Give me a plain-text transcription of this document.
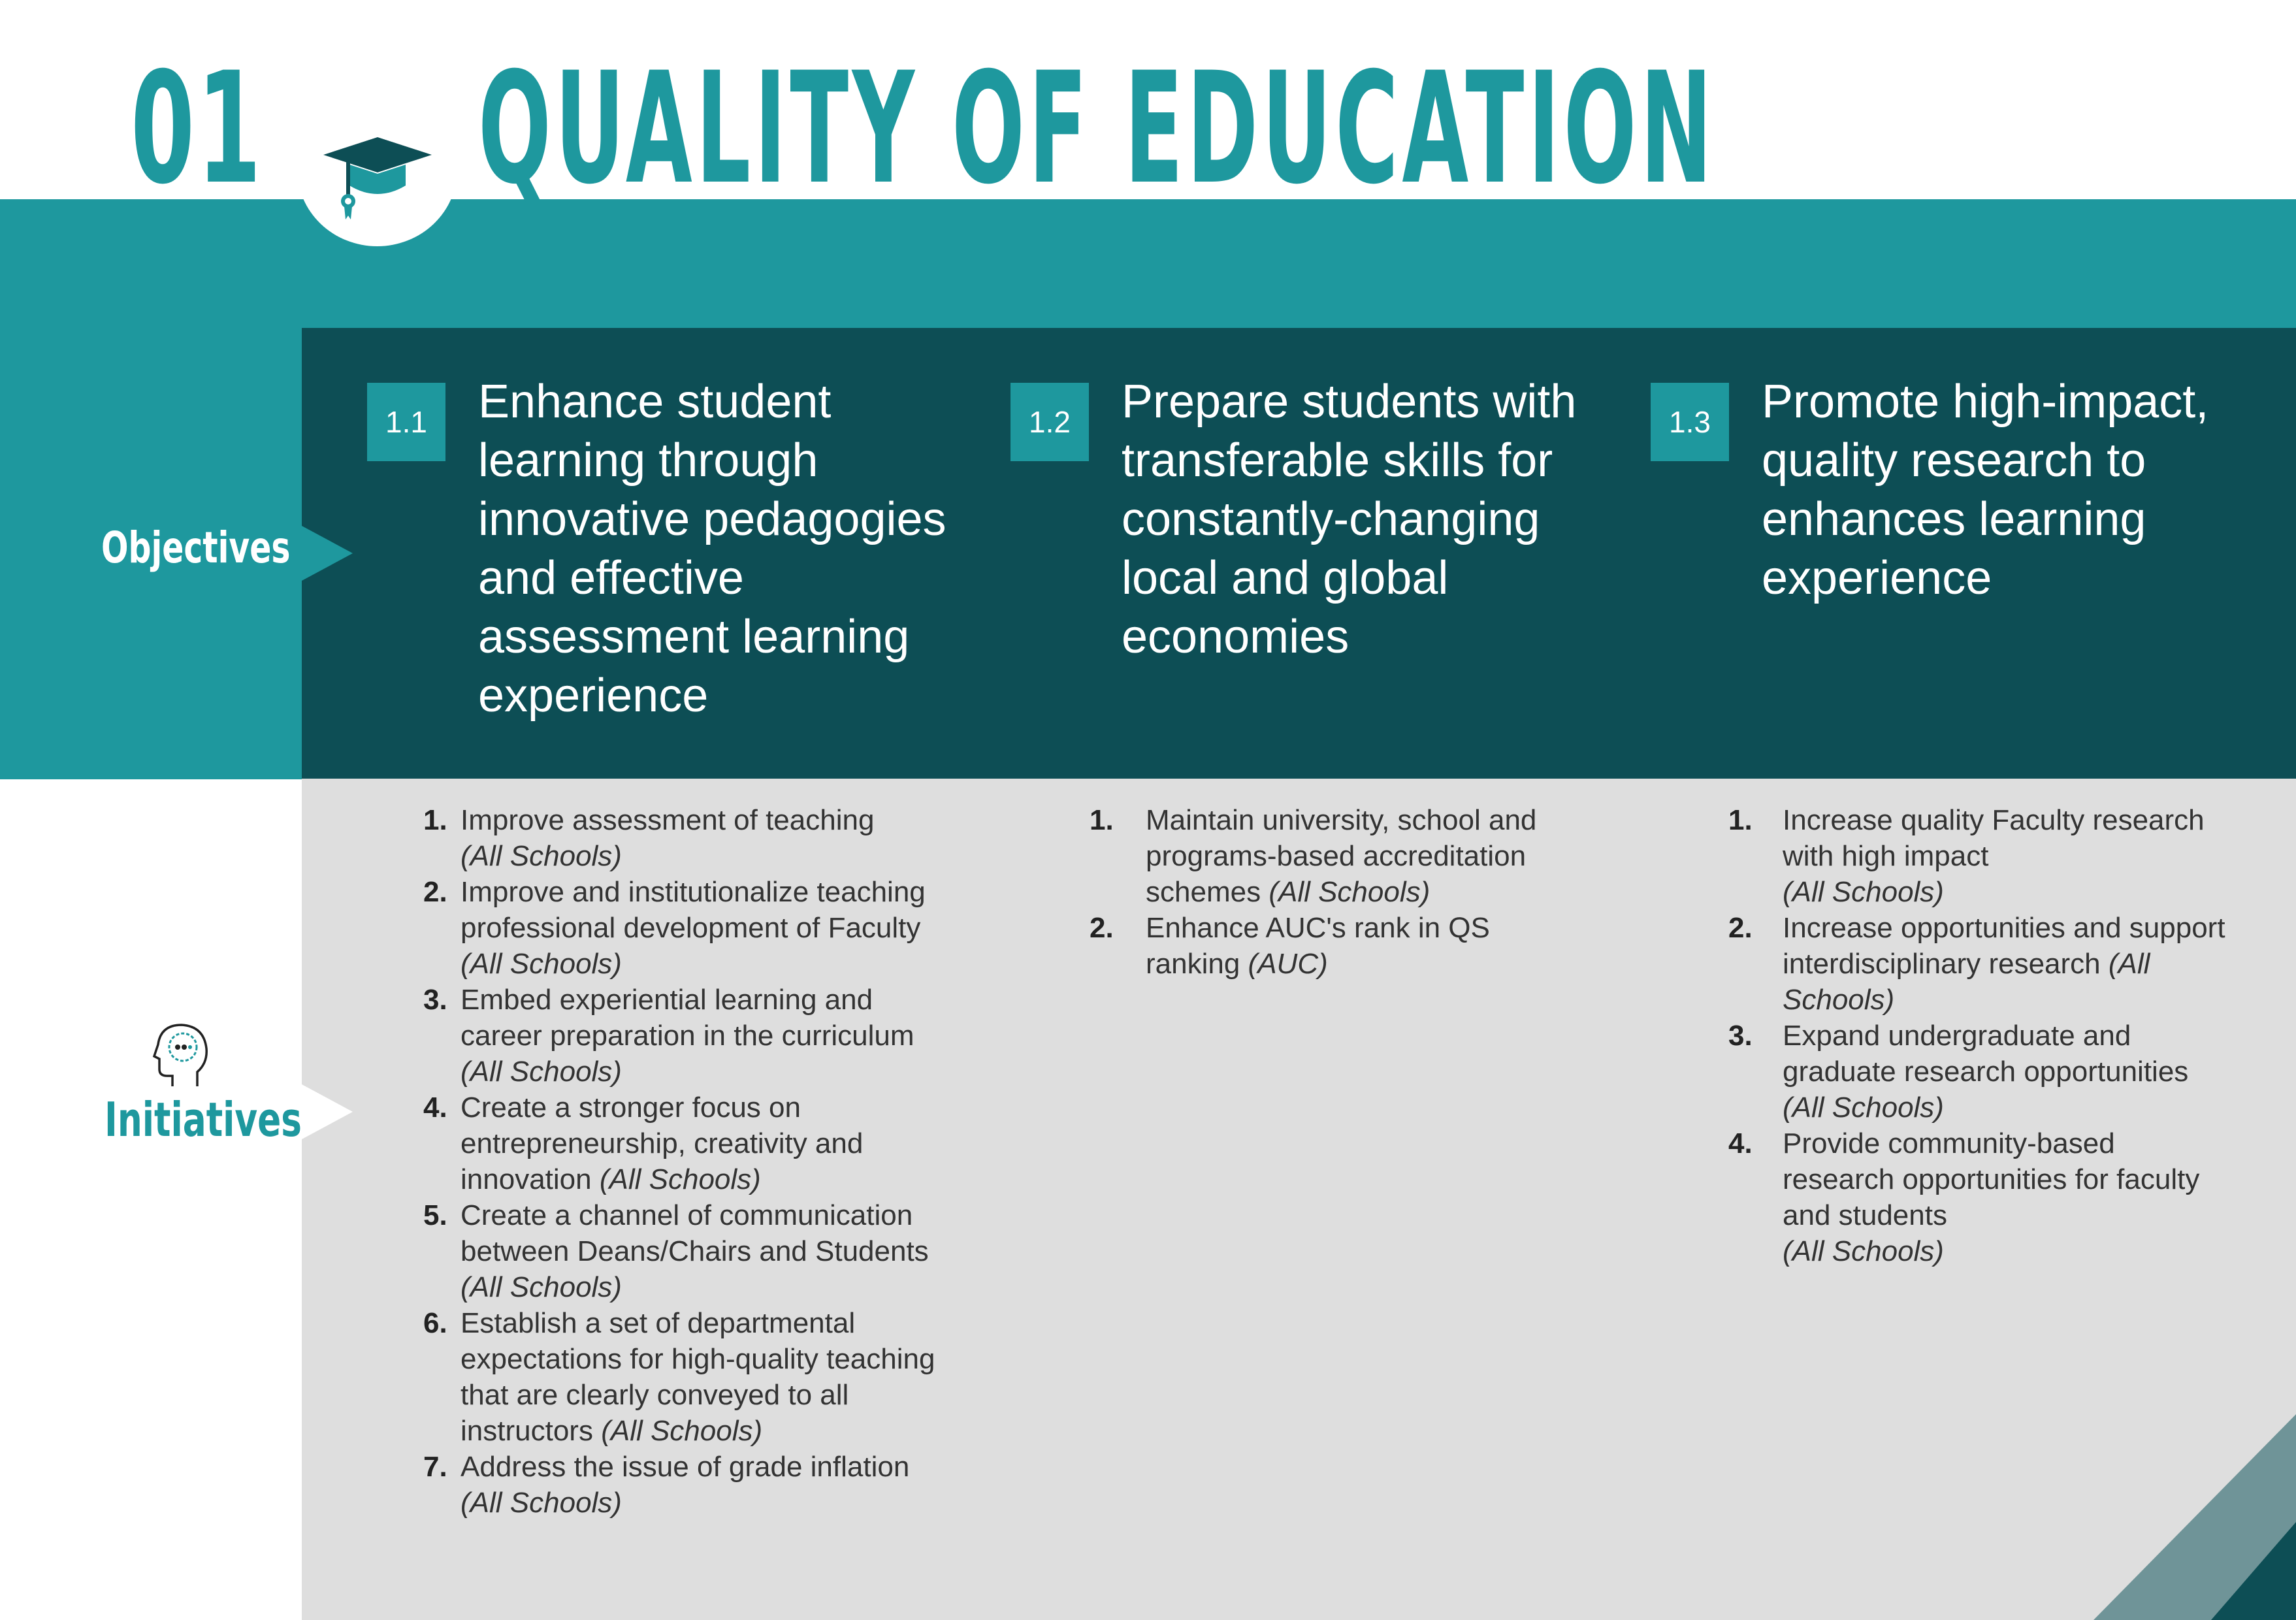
01 QUALITY OF EDUCATION
Objectives
1.1	Enhance student learning through innovative pedagogies and effective assessment learning experience
1.2	Prepare students with transferable skills for constantly-changing local and global economies
1.3	Promote high-impact, quality research to enhances learning experience
Initiatives
1. Improve assessment of teaching
(All Schools)
2. Improve and institutionalize teaching professional development of Faculty (All Schools)
3. Embed experiential learning and career preparation in the curriculum (All Schools)
4. Create a stronger focus on entrepreneurship, creativity and innovation (All Schools)
5. Create a channel of communication between Deans/Chairs and Students (All Schools)
6. Establish a set of departmental expectations for high-quality teaching that are clearly conveyed to all instructors (All Schools)
7. Address the issue of grade inflation
(All Schools)
1. Maintain university, school and programs-based accreditation schemes (All Schools)
2. Enhance AUC's rank in QS ranking (AUC)
1. Increase quality Faculty research with high impact
(All Schools)
2. Increase opportunities and support interdisciplinary research (All Schools)
3. Expand undergraduate and graduate research opportunities
(All Schools)
4. Provide community-based research opportunities for faculty and students
(All Schools)
